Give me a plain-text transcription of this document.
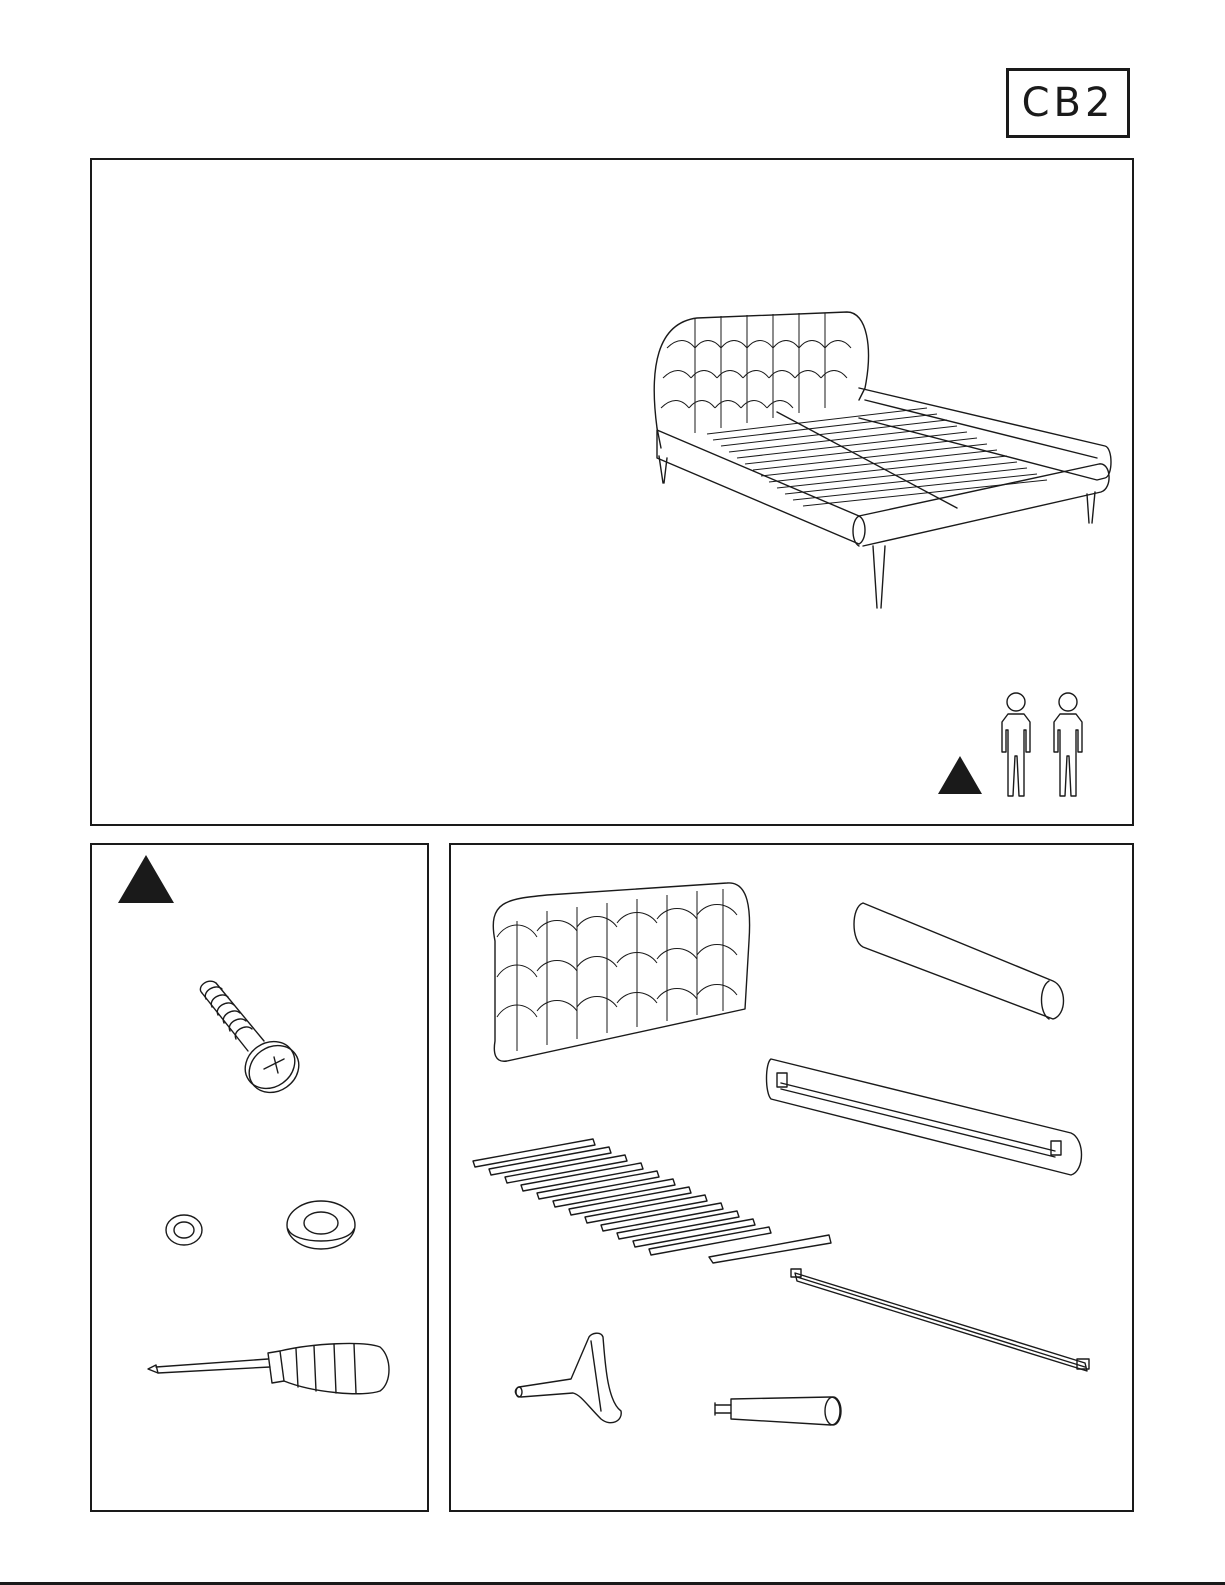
CB2
